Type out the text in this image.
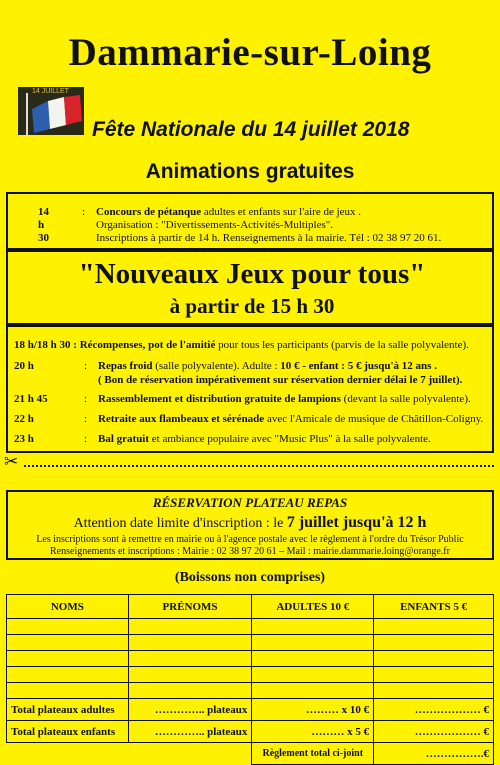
Dammarie-sur-Loing
14 JUILLET
Fête Nationale du 14 juillet 2018
Animations gratuites
14 h 30
: Concours de pétanque adultes et enfants sur l'aire de jeux .
Organisation : "Divertissements-Activités-Multiples".
Inscriptions à partir de 14 h. Renseignements à la mairie. Tél : 02 38 97 20 61.
"Nouveaux Jeux pour tous"
à partir de 15 h 30
18 h/18 h 30 : Récompenses, pot de l'amitié pour tous les participants (parvis de la salle polyvalente).
20 h	: Repas froid (salle polyvalente). Adulte : 10 € - enfant : 5 € jusqu'à 12 ans .
( Bon de réservation impérativement sur réservation dernier délai le 7 juillet).
21 h 45	: Rassemblement et distribution gratuite de lampions (devant la salle polyvalente).
22 h	: Retraite aux flambeaux et sérénade avec l'Amicale de musique de Châtillon-Coligny.
23 h	: Bal gratuit et ambiance populaire avec "Music Plus" à la salle polyvalente.
✂
RÉSERVATION PLATEAU REPAS
Attention date limite d'inscription : le 7 juillet jusqu'à 12 h
Les inscriptions sont à remettre en mairie ou à l'agence postale avec le règlement à l'ordre du Trésor Public
Renseignements et inscriptions : Mairie : 02 38 97 20 61 – Mail : mairie.dammarie.loing@orange.fr
(Boissons non comprises)
NOMS	PRÉNOMS	ADULTES 10 €	ENFANTS 5 €

Total plateaux adultes	………….. plateaux	……… x 10 €	……………… €
Total plateaux enfants	………….. plateaux	……… x 5 €	……………… €
		Règlement total ci-joint	…………….€
